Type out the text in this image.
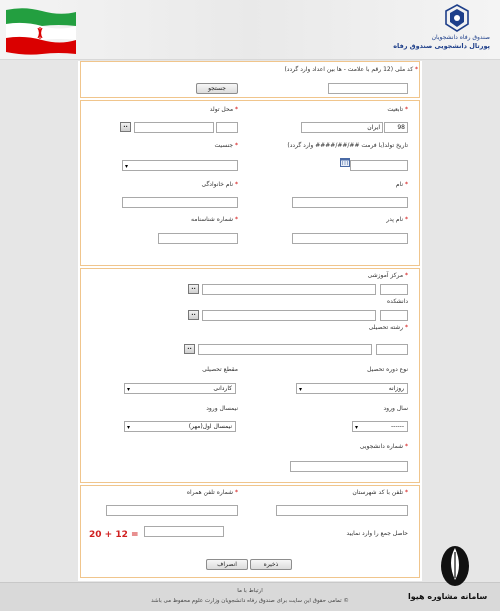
صندوق رفاه دانشجویان
پورتال دانشجویی صندوق رفاه
* کد ملی (12 رقم با علامت - ها بین اعداد وارد گردد)
جستجو
* تابعیت
98
ایران
* محل تولد
..
تاریخ تولد(با فرمت ##/##/#### وارد گردد)
* جنسیت
▾
* نام
* نام خانوادگی
* نام پدر
* شماره شناسنامه
* مرکز آموزشی
..
دانشکده
..
* رشته تحصیلی
..
نوع دوره تحصیل
روزانه
▾
مقطع تحصیلی
کاردانی
▾
سال ورود
------
▾
نیمسال ورود
نیمسال اول(مهر)
▾
* شماره دانشجویی
* تلفن با کد شهرستان
* شماره تلفن همراه
حاصل جمع را وارد نمایید
20 + 12 =
ذخیره
انصراف
ارتباط با ما
© تمامی حقوق این سایت برای صندوق رفاه دانشجویان وزارت علوم محفوظ می باشد	سامانه مشاوره هیوا
